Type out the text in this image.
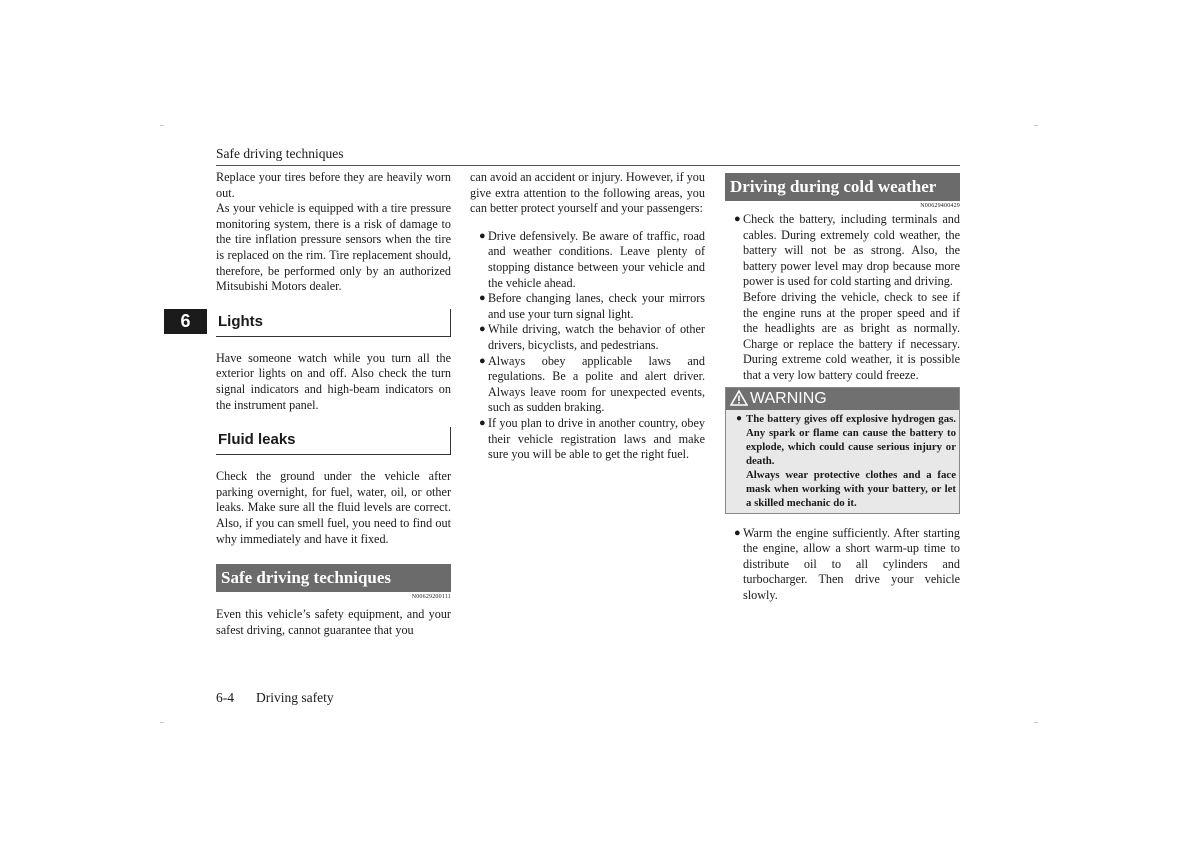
Safe driving techniques
6

Replace your tires before they are heavily worn out.

As your vehicle is equipped with a tire pressure monitoring system, there is a risk of damage to the tire inflation pressure sensors when the tire is replaced on the rim. Tire replacement should, therefore, be performed only by an authorized Mitsubishi Motors dealer.

Lights

Have someone watch while you turn all the exterior lights on and off. Also check the turn signal indicators and high-beam indicators on the instrument panel.

Fluid leaks

Check the ground under the vehicle after parking overnight, for fuel, water, oil, or other leaks. Make sure all the fluid levels are correct. Also, if you can smell fuel, you need to find out why immediately and have it fixed.

Safe driving techniques
N00629200111

Even this vehicle’s safety equipment, and your safest driving, cannot guarantee that you

can avoid an accident or injury. However, if you give extra attention to the following areas, you can better protect yourself and your passengers:

● Drive defensively. Be aware of traffic, road and weather conditions. Leave plenty of stopping distance between your vehicle and the vehicle ahead.
● Before changing lanes, check your mirrors and use your turn signal light.
● While driving, watch the behavior of other drivers, bicyclists, and pedestrians.
● Always obey applicable laws and regulations. Be a polite and alert driver. Always leave room for unexpected events, such as sudden braking.
● If you plan to drive in another country, obey their vehicle registration laws and make sure you will be able to get the right fuel.
Driving during cold weather
N00629400429
● Check the battery, including terminals and cables. During extremely cold weather, the battery will not be as strong. Also, the battery power level may drop because more power is used for cold starting and driving.

Before driving the vehicle, check to see if the engine runs at the proper speed and if the headlights are as bright as normally. Charge or replace the battery if necessary. During extreme cold weather, it is possible that a very low battery could freeze.

WARNING
● The battery gives off explosive hydrogen gas. Any spark or flame can cause the battery to explode, which could cause serious injury or death.

Always wear protective clothes and a face mask when working with your battery, or let a skilled mechanic do it.

● Warm the engine sufficiently. After starting the engine, allow a short warm-up time to distribute oil to all cylinders and turbocharger. Then drive your vehicle slowly.
6-4 Driving safety
